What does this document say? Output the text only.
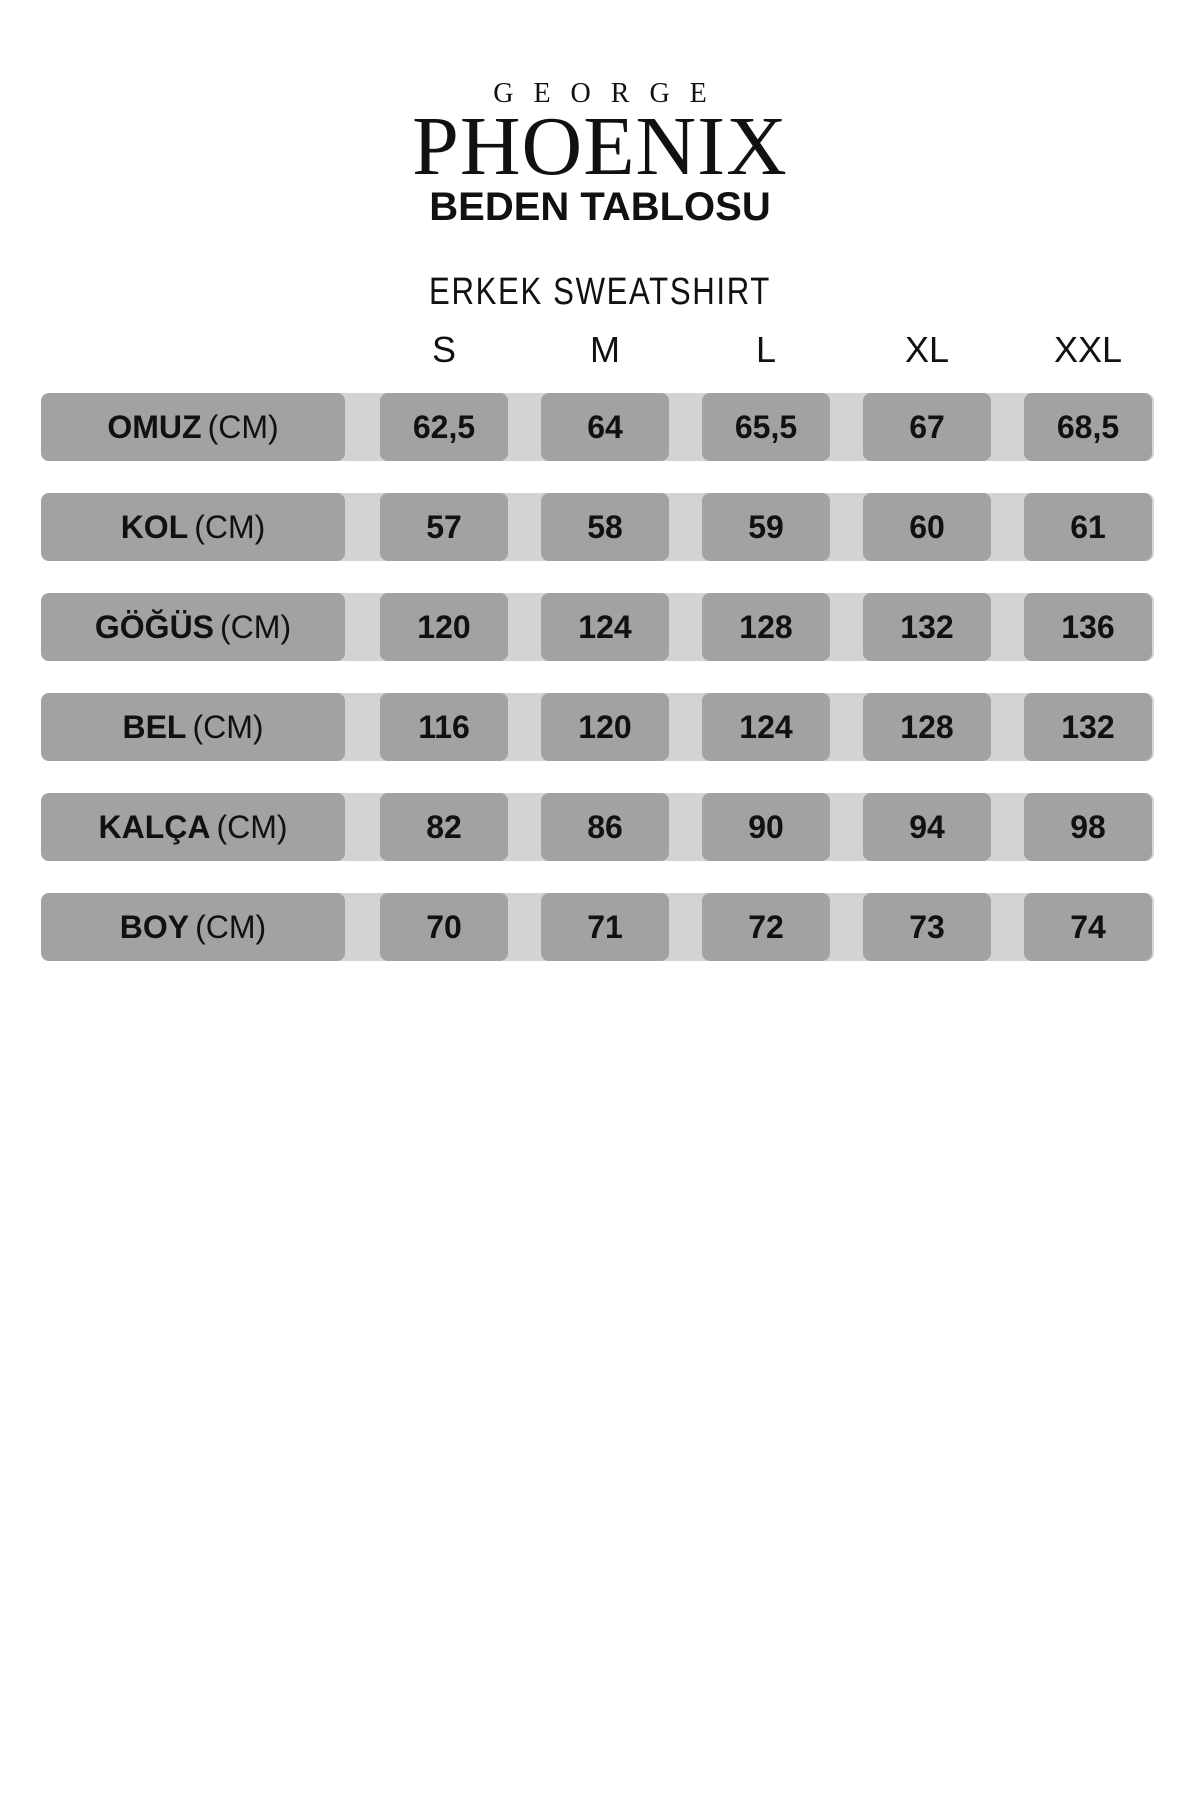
GEORGE
PHOENIX
BEDEN TABLOSU
ERKEK SWEATSHIRT
S	M	L	XL	XXL
OMUZ (CM)	62,5	64	65,5	67	68,5
KOL (CM)	57	58	59	60	61
GÖĞÜS (CM)	120	124	128	132	136
BEL (CM)	116	120	124	128	132
KALÇA (CM)	82	86	90	94	98
BOY (CM)	70	71	72	73	74
